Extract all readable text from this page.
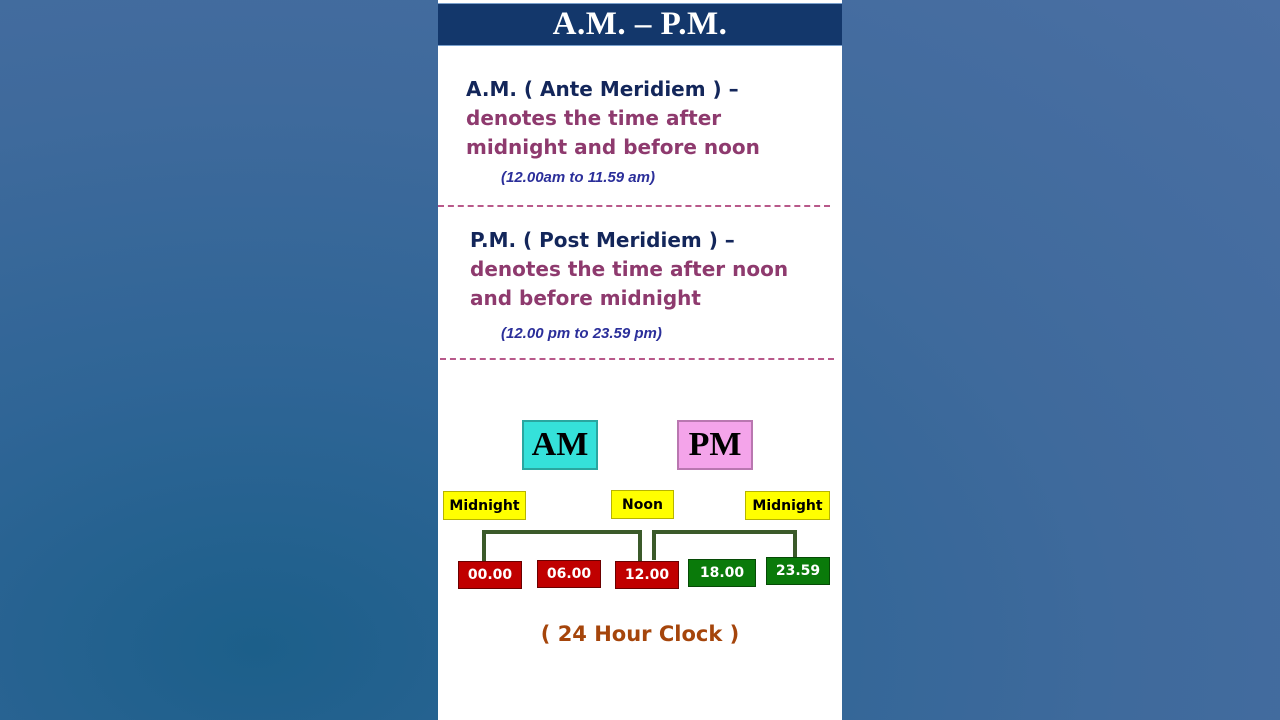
A.M. – P.M.
A.M. ( Ante Meridiem ) –
denotes the time after
midnight and before noon
(12.00am to 11.59 am)
P.M. ( Post Meridiem ) –
denotes the time after noon
and before midnight
(12.00 pm to 23.59 pm)
AM	PM
Midnight	Noon	Midnight
00.00	06.00	12.00	18.00	23.59
( 24 Hour Clock )
